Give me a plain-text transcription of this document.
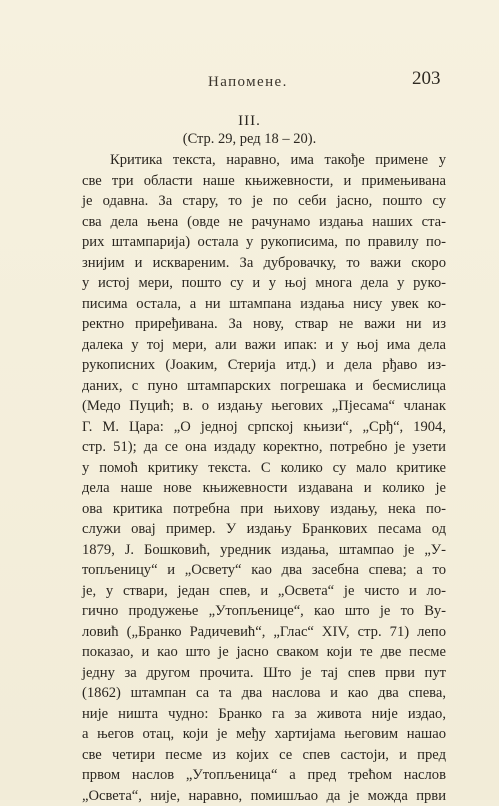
Напомене.	203
III.
(Стр. 29, ред 18 – 20).
Критика текста, наравно, има такође примене у
све три области наше књижевности, и примењивана
је одавна. За стару, то је по себи јасно, пошто су
сва дела њена (овде не рачунамо издања наших ста-
рих штампарија) остала у рукописима, по правилу по-
знијим и исквареним. За дубровачку, то важи скоро
у истој мери, пошто су и у њој многа дела у руко-
писима остала, а ни штампана издања нису увек ко-
ректно приређивана. За нову, ствар не важи ни из
далека у тој мери, али важи ипак: и у њој има дела
рукописних (Јоаким, Стерија итд.) и дела рђаво из-
даних, с пуно штампарских погрешака и бесмислица
(Медо Пуцић; в. о издању његових „Пјесама“ чланак
Г. М. Цара: „О једној српској књизи“, „Срђ“, 1904,
стр. 51); да се она издаду коректно, потребно је узети
у помоћ критику текста. С колико су мало критике
дела наше нове књижевности издавана и колико је
ова критика потребна при њихову издању, нека по-
служи овај пример. У издању Бранкових песама од
1879, Ј. Бошковић, уредник издања, штампао је „У-
топљеницу“ и „Освету“ као два засебна спева; а то
је, у ствари, један спев, и „Освета“ је чисто и ло-
гично продужење „Утопљенице“, као што је то Ву-
ловић („Бранко Радичевић“, „Глас“ XIV, стр. 71) лепо
показао, и као што је јасно сваком који те две песме
једну за другом прочита. Што је тај спев први пут
(1862) штампан са та два наслова и као два спева,
није ништа чудно: Бранко га за живота није издао,
а његов отац, који је међу хартијама његовим нашао
све четири песме из којих се спев састоји, и пред
првом наслов „Утопљеница“ а пред трећом наслов
„Освета“, није, наравно, помишљао да је можда први
